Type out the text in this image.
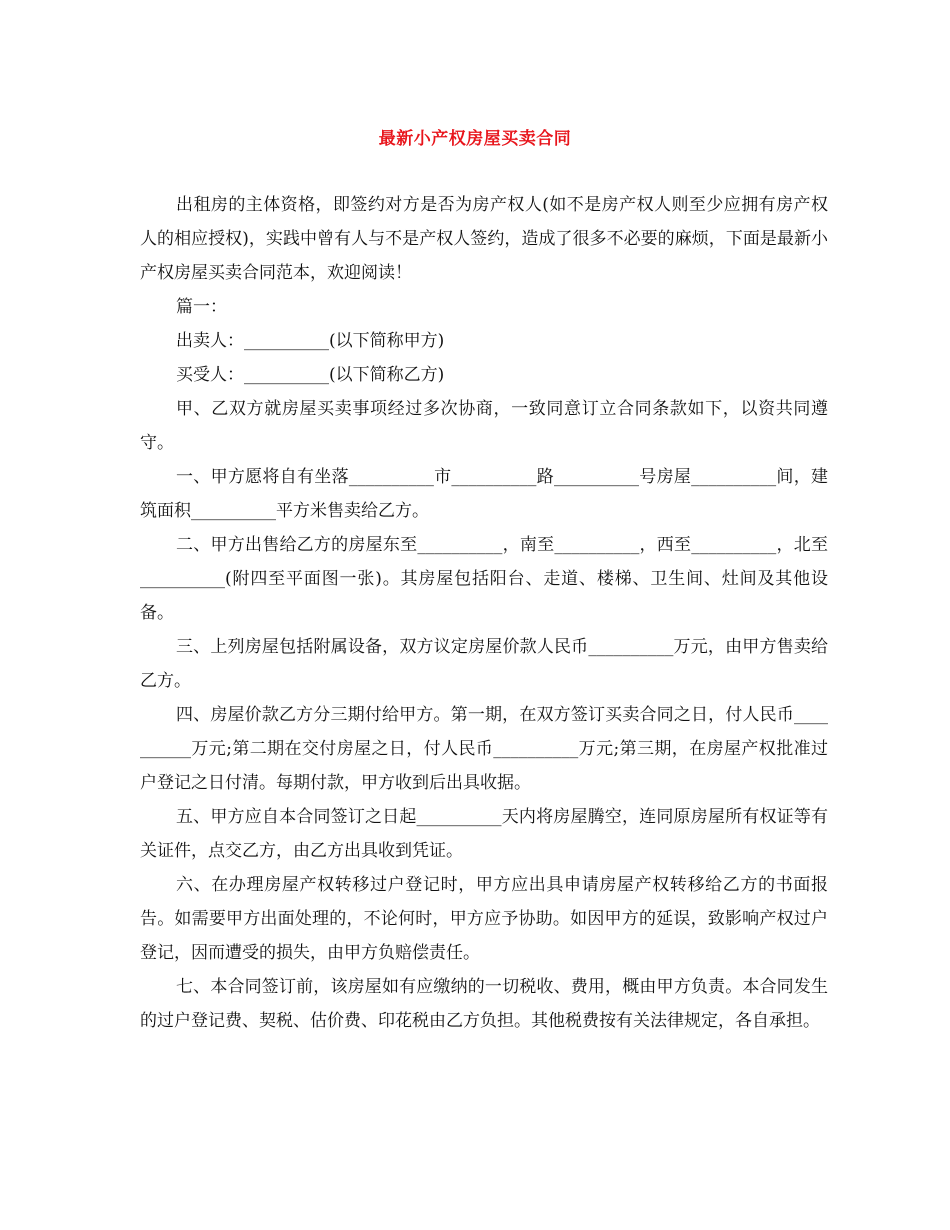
最新小产权房屋买卖合同

出租房的主体资格，即签约对方是否为房产权人(如不是房产权人则至少应拥有房产权人的相应授权)，实践中曾有人与不是产权人签约，造成了很多不必要的麻烦，下面是最新小产权房屋买卖合同范本，欢迎阅读！

篇一：

出卖人：__________(以下简称甲方)

买受人：__________(以下简称乙方)

甲、乙双方就房屋买卖事项经过多次协商，一致同意订立合同条款如下，以资共同遵守。

一、甲方愿将自有坐落__________市__________路__________号房屋__________间，建筑面积__________平方米售卖给乙方。

二、甲方出售给乙方的房屋东至__________，南至__________，西至__________，北至__________(附四至平面图一张)。其房屋包括阳台、走道、楼梯、卫生间、灶间及其他设备。

三、上列房屋包括附属设备，双方议定房屋价款人民币__________万元，由甲方售卖给乙方。

四、房屋价款乙方分三期付给甲方。第一期，在双方签订买卖合同之日，付人民币__________万元;第二期在交付房屋之日，付人民币__________万元;第三期，在房屋产权批准过户登记之日付清。每期付款，甲方收到后出具收据。

五、甲方应自本合同签订之日起__________天内将房屋腾空，连同原房屋所有权证等有关证件，点交乙方，由乙方出具收到凭证。

六、在办理房屋产权转移过户登记时，甲方应出具申请房屋产权转移给乙方的书面报告。如需要甲方出面处理的，不论何时，甲方应予协助。如因甲方的延误，致影响产权过户登记，因而遭受的损失，由甲方负赔偿责任。

七、本合同签订前，该房屋如有应缴纳的一切税收、费用，概由甲方负责。本合同发生的过户登记费、契税、估价费、印花税由乙方负担。其他税费按有关法律规定，各自承担。
